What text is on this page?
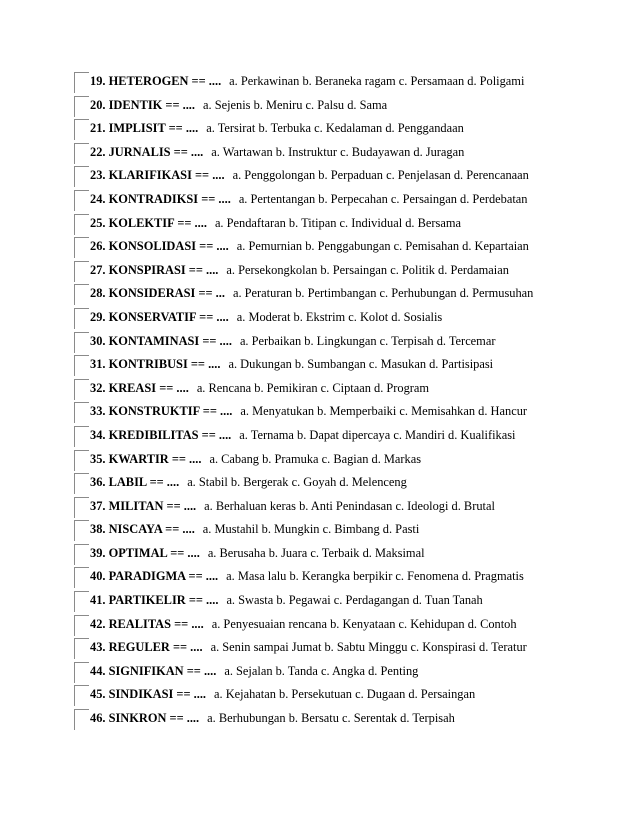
19. HETEROGEN == .... a. Perkawinan b. Beraneka ragam c. Persamaan d. Poligami
20. IDENTIK == .... a. Sejenis b. Meniru c. Palsu d. Sama
21. IMPLISIT == .... a. Tersirat b. Terbuka c. Kedalaman d. Penggandaan
22. JURNALIS == .... a. Wartawan b. Instruktur c. Budayawan d. Juragan
23. KLARIFIKASI == .... a. Penggolongan b. Perpaduan c. Penjelasan d. Perencanaan
24. KONTRADIKSI == .... a. Pertentangan b. Perpecahan c. Persaingan d. Perdebatan
25. KOLEKTIF == .... a. Pendaftaran b. Titipan c. Individual d. Bersama
26. KONSOLIDASI == .... a. Pemurnian b. Penggabungan c. Pemisahan d. Kepartaian
27. KONSPIRASI == .... a. Persekongkolan b. Persaingan c. Politik d. Perdamaian
28. KONSIDERASI == ... a. Peraturan b. Pertimbangan c. Perhubungan d. Permusuhan
29. KONSERVATIF == .... a. Moderat b. Ekstrim c. Kolot d. Sosialis
30. KONTAMINASI == .... a. Perbaikan b. Lingkungan c. Terpisah d. Tercemar
31. KONTRIBUSI == .... a. Dukungan b. Sumbangan c. Masukan d. Partisipasi
32. KREASI == .... a. Rencana b. Pemikiran c. Ciptaan d. Program
33. KONSTRUKTIF == .... a. Menyatukan b. Memperbaiki c. Memisahkan d. Hancur
34. KREDIBILITAS == .... a. Ternama b. Dapat dipercaya c. Mandiri d. Kualifikasi
35. KWARTIR == .... a. Cabang b. Pramuka c. Bagian d. Markas
36. LABIL == .... a. Stabil b. Bergerak c. Goyah d. Melenceng
37. MILITAN == .... a. Berhaluan keras b. Anti Penindasan c. Ideologi d. Brutal
38. NISCAYA == .... a. Mustahil b. Mungkin c. Bimbang d. Pasti
39. OPTIMAL == .... a. Berusaha b. Juara c. Terbaik d. Maksimal
40. PARADIGMA == .... a. Masa lalu b. Kerangka berpikir c. Fenomena d. Pragmatis
41. PARTIKELIR == .... a. Swasta b. Pegawai c. Perdagangan d. Tuan Tanah
42. REALITAS == .... a. Penyesuaian rencana b. Kenyataan c. Kehidupan d. Contoh
43. REGULER == .... a. Senin sampai Jumat b. Sabtu Minggu c. Konspirasi d. Teratur
44. SIGNIFIKAN == .... a. Sejalan b. Tanda c. Angka d. Penting
45. SINDIKASI == .... a. Kejahatan b. Persekutuan c. Dugaan d. Persaingan
46. SINKRON == .... a. Berhubungan b. Bersatu c. Serentak d. Terpisah
